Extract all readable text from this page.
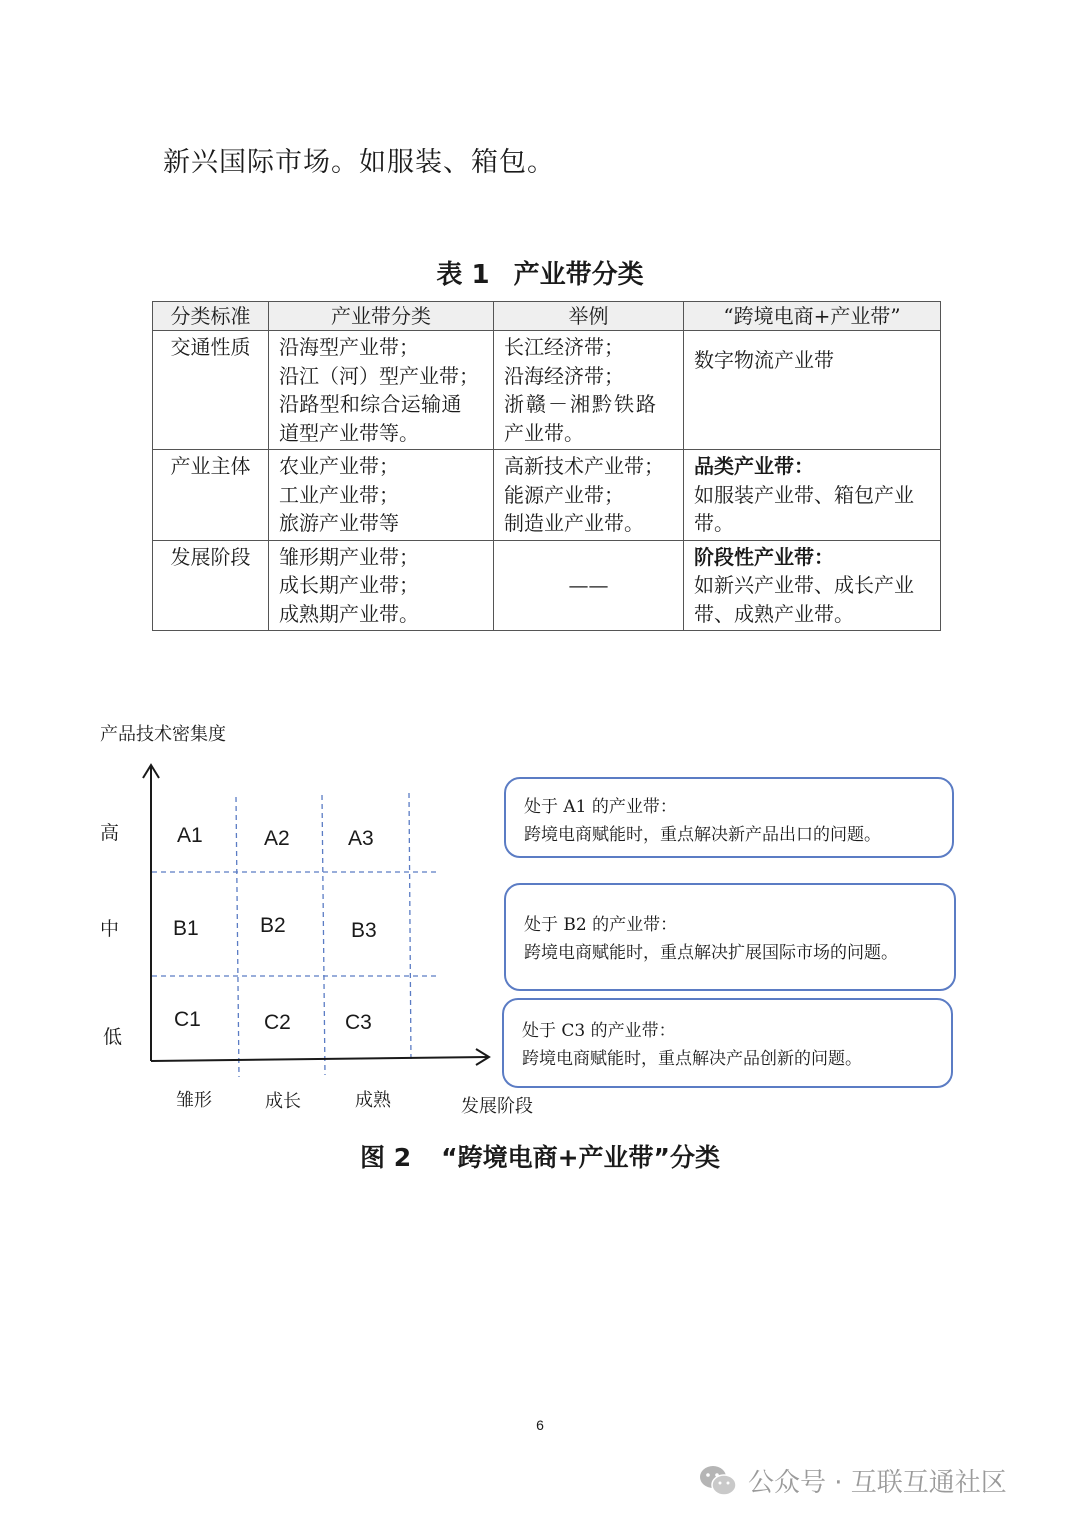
新兴国际市场。如服装、箱包。
表 1 产业带分类
分类标准	产业带分类	举例	“跨境电商+产业带”
交通性质	沿海型产业带；
沿江（河）型产业带；
沿路型和综合运输通
道型产业带等。	长江经济带；
沿海经济带；
浙赣－湘黔铁路
产业带。	数字物流产业带

产业主体	农业产业带；
工业产业带；
旅游产业带等	高新技术产业带；
能源产业带；
制造业产业带。	品类产业带：
如服装产业带、箱包产业
带。

发展阶段	雏形期产业带；
成长期产业带；
成熟期产业带。	——	阶段性产业带：
如新兴产业带、成长产业
带、成熟产业带。
产品技术密集度
高
中
低
A1	A2	A3
B1	B2	B3
C1	C2	C3
雏形	成长	成熟	发展阶段
处于 A1 的产业带：
跨境电商赋能时，重点解决新产品出口的问题。
处于 B2 的产业带：
跨境电商赋能时，重点解决扩展国际市场的问题。
处于 C3 的产业带：
跨境电商赋能时，重点解决产品创新的问题。
图 2 “跨境电商+产业带”分类
6
公众号 · 互联互通社区
